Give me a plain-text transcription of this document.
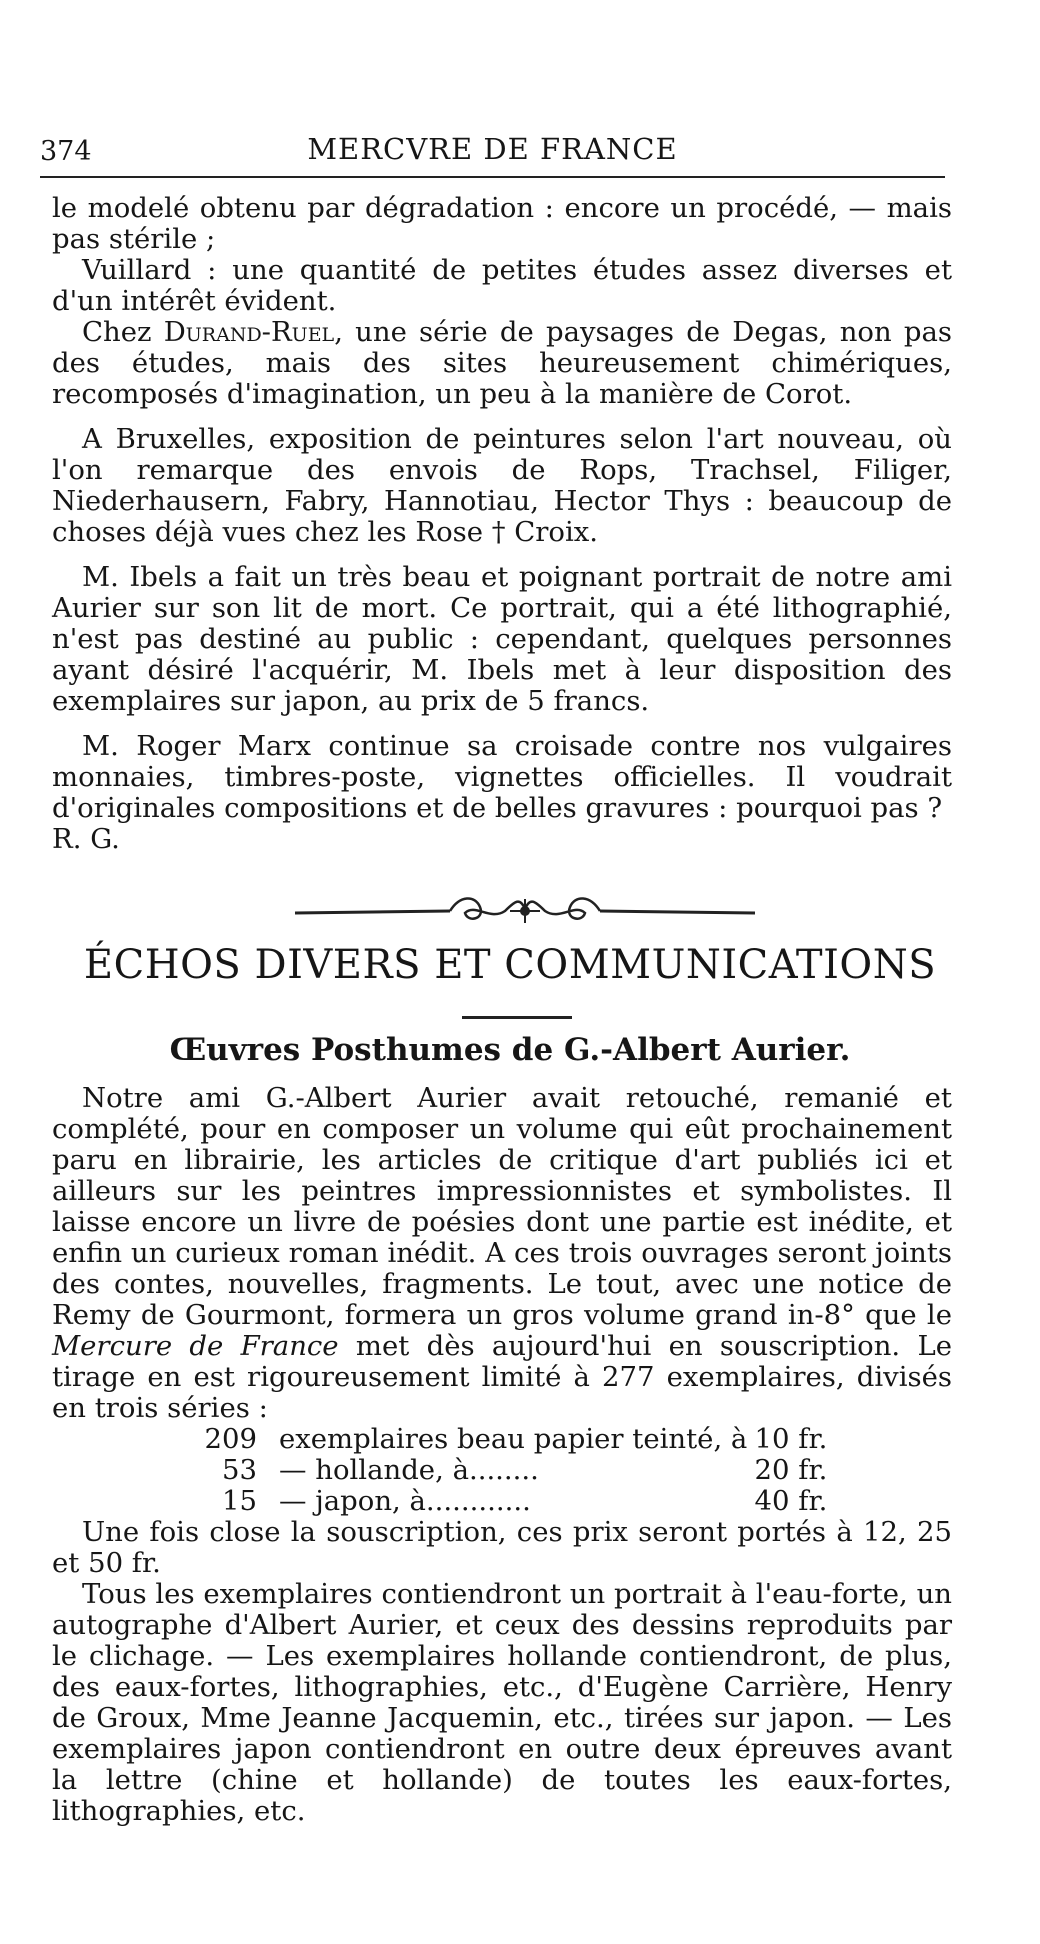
374	MERCVRE DE FRANCE

le modelé obtenu par dégradation : encore un procédé, — mais pas stérile ;

Vuillard : une quantité de petites études assez diverses et d'un intérêt évident.

Chez Durand-Ruel, une série de paysages de Degas, non pas des études, mais des sites heureusement chimériques, recomposés d'imagination, un peu à la manière de Corot.

A Bruxelles, exposition de peintures selon l'art nouveau, où l'on remarque des envois de Rops, Trachsel, Filiger, Niederhausern, Fabry, Hannotiau, Hector Thys : beaucoup de choses déjà vues chez les Rose † Croix.

M. Ibels a fait un très beau et poignant portrait de notre ami Aurier sur son lit de mort. Ce portrait, qui a été lithographié, n'est pas destiné au public : cependant, quelques personnes ayant désiré l'acquérir, M. Ibels met à leur disposition des exemplaires sur japon, au prix de 5 francs.

M. Roger Marx continue sa croisade contre nos vulgaires monnaies, timbres-poste, vignettes officielles. Il voudrait d'originales compositions et de belles gravures : pourquoi pas ?

R. G.

ÉCHOS DIVERS ET COMMUNICATIONS
Œuvres Posthumes de G.-Albert Aurier.

Notre ami G.-Albert Aurier avait retouché, remanié et complété, pour en composer un volume qui eût prochainement paru en librairie, les articles de critique d'art publiés ici et ailleurs sur les peintres impressionnistes et symbolistes. Il laisse encore un livre de poésies dont une partie est inédite, et enfin un curieux roman inédit. A ces trois ouvrages seront joints des contes, nouvelles, fragments. Le tout, avec une notice de Remy de Gourmont, formera un gros volume grand in-8° que le Mercure de France met dès aujourd'hui en souscription. Le tirage en est rigoureusement limité à 277 exemplaires, divisés en trois séries :

209	exemplaires beau papier teinté, à	10 fr.
53	— hollande, à........	20 fr.
15	— japon, à............	40 fr.

Une fois close la souscription, ces prix seront portés à 12, 25 et 50 fr.

Tous les exemplaires contiendront un portrait à l'eau-forte, un autographe d'Albert Aurier, et ceux des dessins reproduits par le clichage. — Les exemplaires hollande contiendront, de plus, des eaux-fortes, lithographies, etc., d'Eugène Carrière, Henry de Groux, Mme Jeanne Jacquemin, etc., tirées sur japon. — Les exemplaires japon contiendront en outre deux épreuves avant la lettre (chine et hollande) de toutes les eaux-fortes, lithographies, etc.
